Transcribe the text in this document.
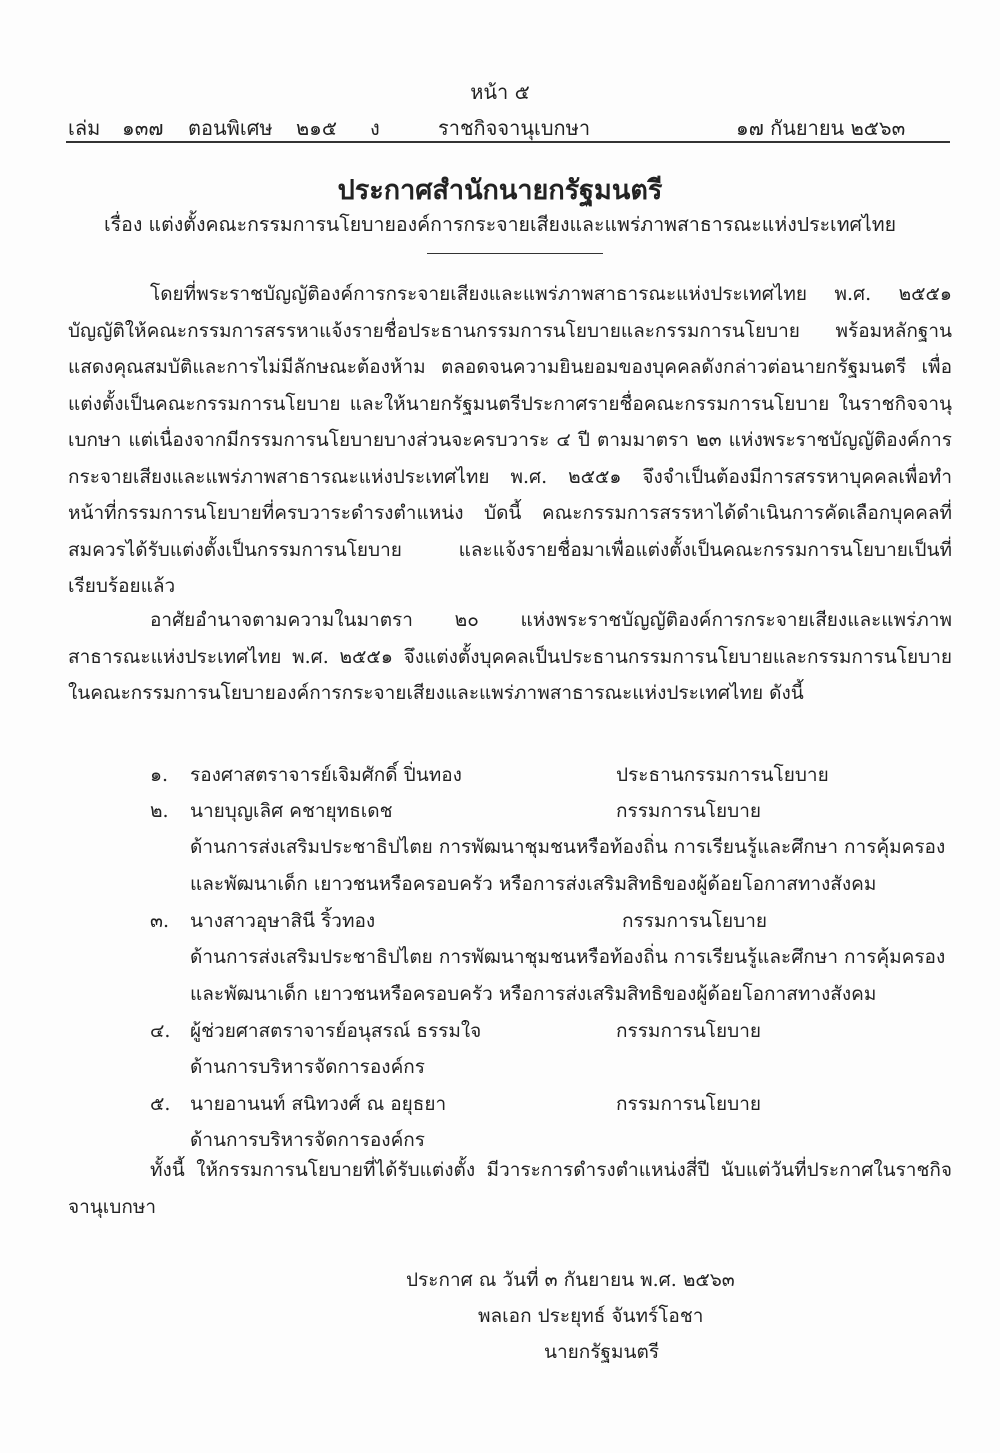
หน้า ๕
เล่ม ๑๓๗ ตอนพิเศษ ๒๑๕ ง	ราชกิจจานุเบกษา	๑๗ กันยายน ๒๕๖๓
ประกาศสำนักนายกรัฐมนตรี
เรื่อง แต่งตั้งคณะกรรมการนโยบายองค์การกระจายเสียงและแพร่ภาพสาธารณะแห่งประเทศไทย

โดยที่พระราชบัญญัติองค์การกระจายเสียงและแพร่ภาพสาธารณะแห่งประเทศไทย พ.ศ. ๒๕๕๑ บัญญัติให้คณะกรรมการสรรหาแจ้งรายชื่อประธานกรรมการนโยบายและกรรมการนโยบาย พร้อมหลักฐานแสดงคุณสมบัติและการไม่มีลักษณะต้องห้าม ตลอดจนความยินยอมของบุคคลดังกล่าวต่อนายกรัฐมนตรี เพื่อแต่งตั้งเป็นคณะกรรมการนโยบาย และให้นายกรัฐมนตรีประกาศรายชื่อคณะกรรมการนโยบาย ในราชกิจจานุเบกษา แต่เนื่องจากมีกรรมการนโยบายบางส่วนจะครบวาระ ๔ ปี ตามมาตรา ๒๓ แห่งพระราชบัญญัติองค์การกระจายเสียงและแพร่ภาพสาธารณะแห่งประเทศไทย พ.ศ. ๒๕๕๑ จึงจำเป็นต้องมีการสรรหาบุคคลเพื่อทำหน้าที่กรรมการนโยบายที่ครบวาระดำรงตำแหน่ง บัดนี้ คณะกรรมการสรรหาได้ดำเนินการคัดเลือกบุคคลที่สมควรได้รับแต่งตั้งเป็นกรรมการนโยบาย และแจ้งรายชื่อมาเพื่อแต่งตั้งเป็นคณะกรรมการนโยบายเป็นที่เรียบร้อยแล้ว

อาศัยอำนาจตามความในมาตรา ๒๐ แห่งพระราชบัญญัติองค์การกระจายเสียงและแพร่ภาพสาธารณะแห่งประเทศไทย พ.ศ. ๒๕๕๑ จึงแต่งตั้งบุคคลเป็นประธานกรรมการนโยบายและกรรมการนโยบายในคณะกรรมการนโยบายองค์การกระจายเสียงและแพร่ภาพสาธารณะแห่งประเทศไทย ดังนี้

๑. รองศาสตราจารย์เจิมศักดิ์ ปิ่นทอง	ประธานกรรมการนโยบาย
๒. นายบุญเลิศ คชายุทธเดช	กรรมการนโยบาย
ด้านการส่งเสริมประชาธิปไตย การพัฒนาชุมชนหรือท้องถิ่น การเรียนรู้และศึกษา การคุ้มครอง
และพัฒนาเด็ก เยาวชนหรือครอบครัว หรือการส่งเสริมสิทธิของผู้ด้อยโอกาสทางสังคม
๓. นางสาวอุษาสินี ริ้วทอง	กรรมการนโยบาย
ด้านการส่งเสริมประชาธิปไตย การพัฒนาชุมชนหรือท้องถิ่น การเรียนรู้และศึกษา การคุ้มครอง
และพัฒนาเด็ก เยาวชนหรือครอบครัว หรือการส่งเสริมสิทธิของผู้ด้อยโอกาสทางสังคม
๔. ผู้ช่วยศาสตราจารย์อนุสรณ์ ธรรมใจ	กรรมการนโยบาย
ด้านการบริหารจัดการองค์กร
๕. นายอานนท์ สนิทวงศ์ ณ อยุธยา	กรรมการนโยบาย
ด้านการบริหารจัดการองค์กร

ทั้งนี้ ให้กรรมการนโยบายที่ได้รับแต่งตั้ง มีวาระการดำรงตำแหน่งสี่ปี นับแต่วันที่ประกาศในราชกิจจานุเบกษา

ประกาศ ณ วันที่ ๓ กันยายน พ.ศ. ๒๕๖๓
พลเอก ประยุทธ์ จันทร์โอชา
นายกรัฐมนตรี
